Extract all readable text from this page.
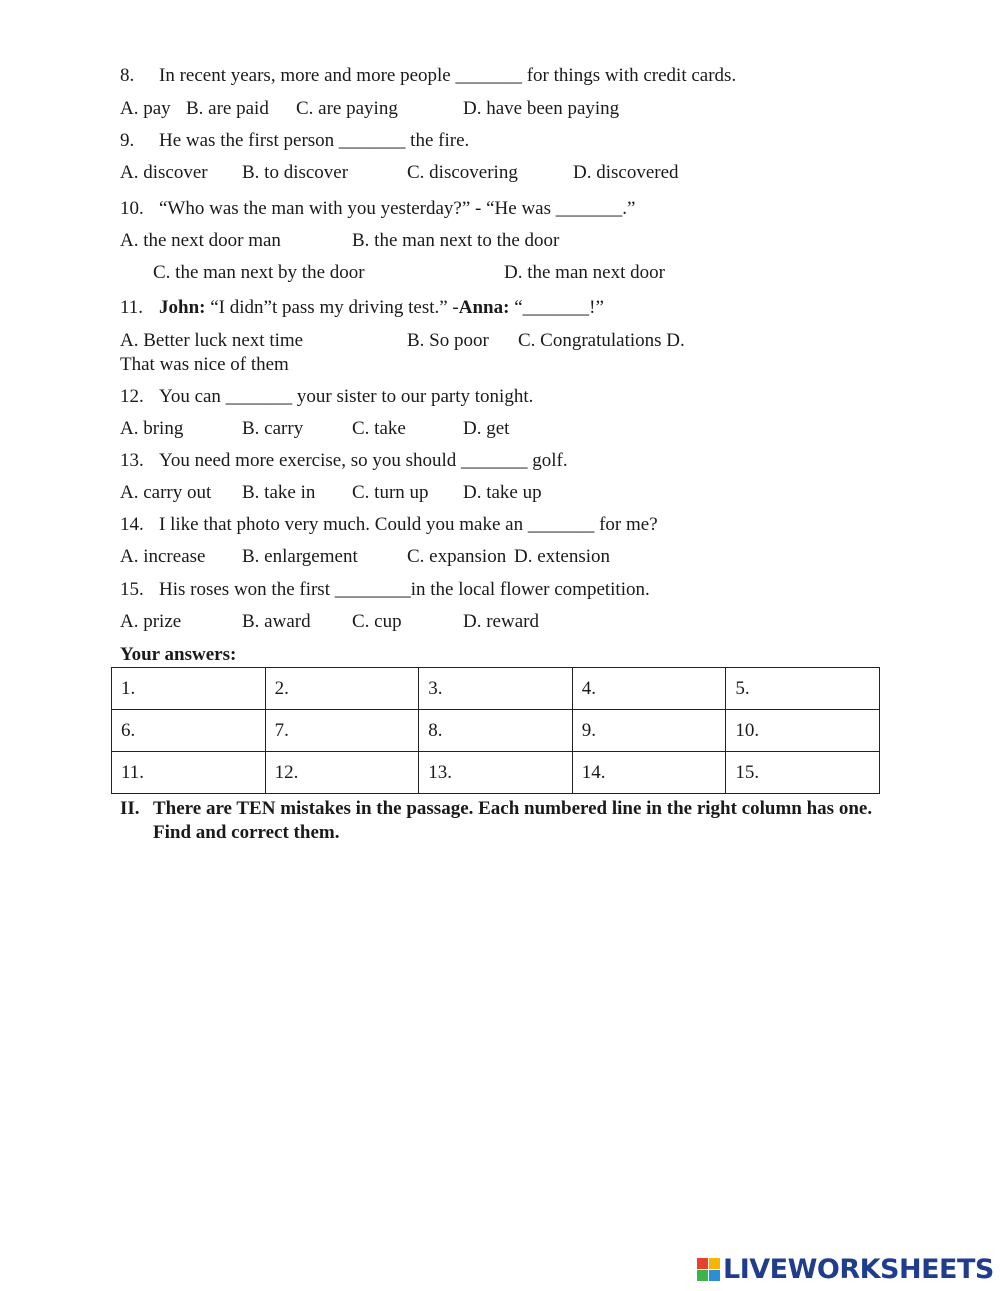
8. In recent years, more and more people _______ for things with credit cards.
A. pay B. are paid C. are paying	D. have been paying
9. He was the first person _______ the fire.
A. discover B. to discover	C. discovering	D. discovered
10. “Who was the man with you yesterday?” - “He was _______.”
A. the next door man	B. the man next to the door
C. the man next by the door	D. the man next door
11. John: “I didn”t pass my driving test.” -Anna: “_______!”
A. Better luck next time	B. So poor C. Congratulations D.
That was nice of them
12. You can _______ your sister to our party tonight.
A. bring	B. carry	C. take	D. get
13. You need more exercise, so you should _______ golf.
A. carry out B. take in C. turn up D. take up
14. I like that photo very much. Could you make an _______ for me?
A. increase B. enlargement	C. expansion D. extension
15. His roses won the first ________in the local flower competition.
A. prize	B. award C. cup	D. reward
Your answers:
1.	2.	3.	4.	5.
6.	7.	8.	9.	10.
11.	12.	13.	14.	15.
II. There are TEN mistakes in the passage. Each numbered line in the right column has one. Find and correct them.
LIVEWORKSHEETS
